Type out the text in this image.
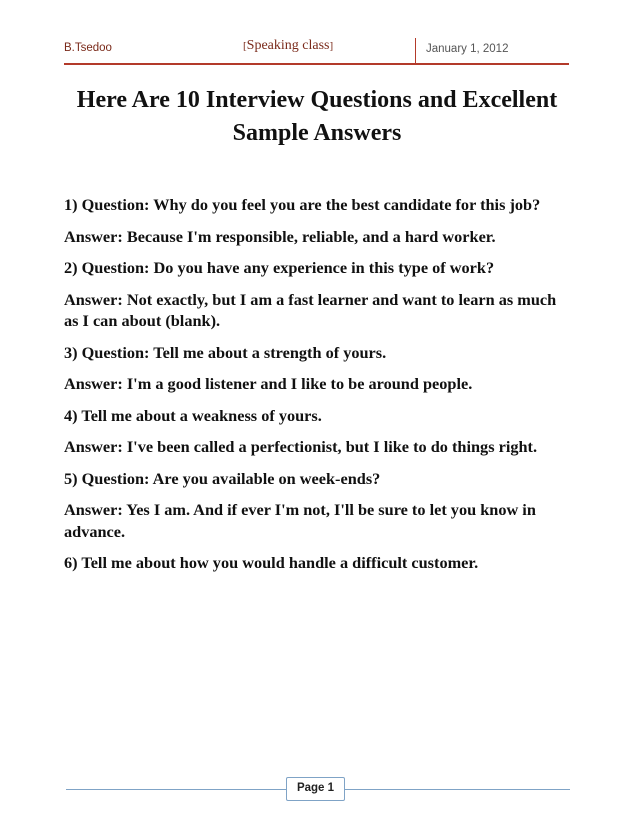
B.Tsedoo	[Speaking class]	January 1, 2012
Here Are 10 Interview Questions and Excellent Sample Answers

1) Question: Why do you feel you are the best candidate for this job?

Answer: Because I'm responsible, reliable, and a hard worker.

2) Question: Do you have any experience in this type of work?

Answer: Not exactly, but I am a fast learner and want to learn as much as I can about (blank).

3) Question: Tell me about a strength of yours.

Answer: I'm a good listener and I like to be around people.

4) Tell me about a weakness of yours.

Answer: I've been called a perfectionist, but I like to do things right.

5) Question: Are you available on week-ends?

Answer: Yes I am. And if ever I'm not, I'll be sure to let you know in advance.

6) Tell me about how you would handle a difficult customer.

Page 1
